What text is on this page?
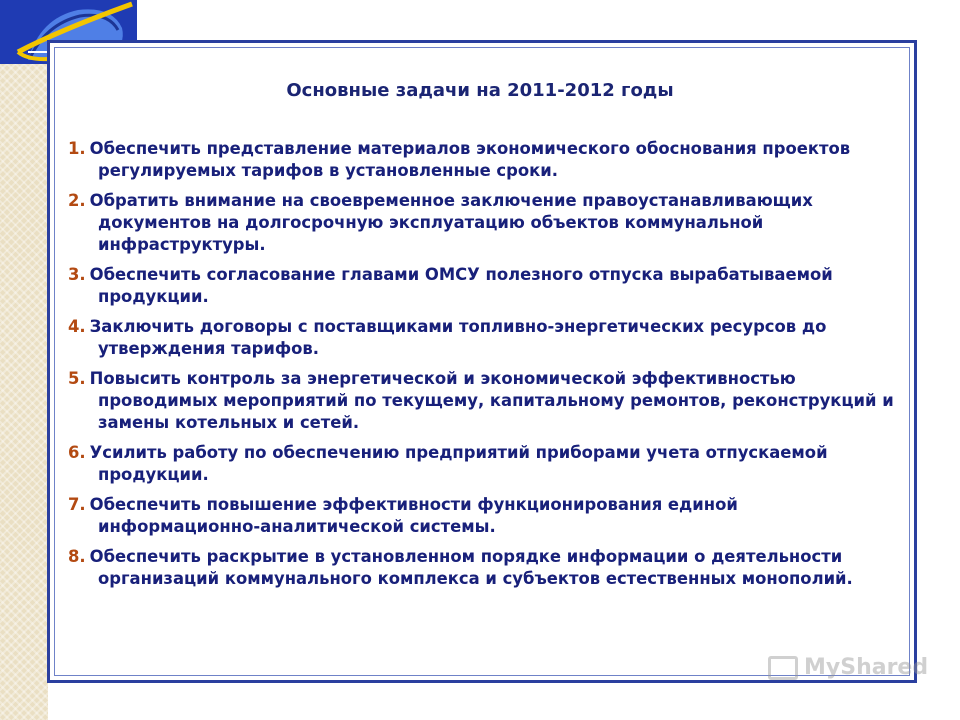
Основные задачи на 2011-2012 годы
1. Обеспечить представление материалов экономического обоснования проектов регулируемых тарифов в установленные сроки.
2. Обратить внимание на своевременное заключение правоустанавливающих документов на долгосрочную эксплуатацию объектов коммунальной инфраструктуры.
3. Обеспечить согласование главами ОМСУ полезного отпуска вырабатываемой продукции.
4. Заключить договоры с поставщиками топливно-энергетических ресурсов до утверждения тарифов.
5. Повысить контроль за энергетической и экономической эффективностью проводимых мероприятий по текущему, капитальному ремонтов, реконструкций и замены котельных и сетей.
6. Усилить работу по обеспечению предприятий приборами учета отпускаемой продукции.
7. Обеспечить повышение эффективности функционирования единой информационно-аналитической системы.
8. Обеспечить раскрытие в установленном порядке информации о деятельности организаций коммунального комплекса и субъектов естественных монополий.
MyShared
